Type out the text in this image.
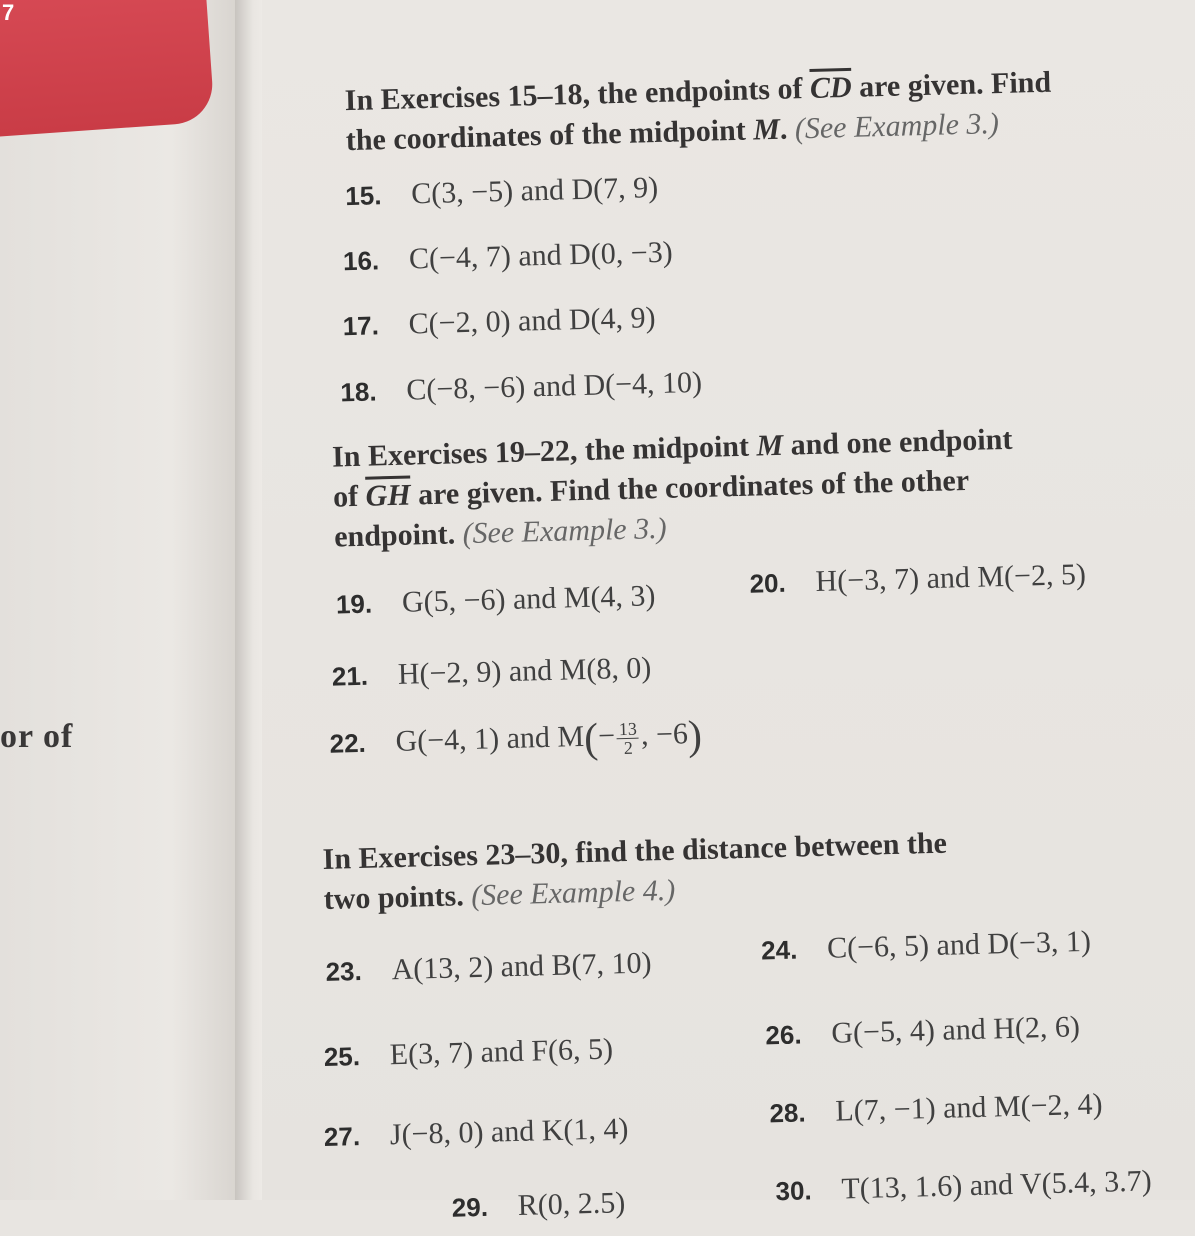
7
or of
In Exercises 15–18, the endpoints of $\overline{CD}$ are given. Find
the coordinates of the midpoint M. (See Example 3.)
15. C(3, −5) and D(7, 9)
16. C(−4, 7) and D(0, −3)
17. C(−2, 0) and D(4, 9)
18. C(−8, −6) and D(−4, 10)
In Exercises 19–22, the midpoint M and one endpoint
of $\overline{GH}$ are given. Find the coordinates of the other
endpoint. (See Example 3.)
19. G(5, −6) and M(4, 3)	20. H(−3, 7) and M(−2, 5)
21. H(−2, 9) and M(8, 0)
22. G(−4, 1) and $M(- \frac{13}{2}$ , −6)
In Exercises 23–30, find the distance between the
two points. (See Example 4.)
23. A(13, 2) and B(7, 10)	24. C(−6, 5) and D(−3, 1)
25. E(3, 7) and F(6, 5)	26. G(−5, 4) and H(2, 6)
27. J(−8, 0) and K(1, 4)	28. L(7, −1) and M(−2, 4)
29. R(0, 2.5)	30. T(13, 1.6) and V(5.4, 3.7)
